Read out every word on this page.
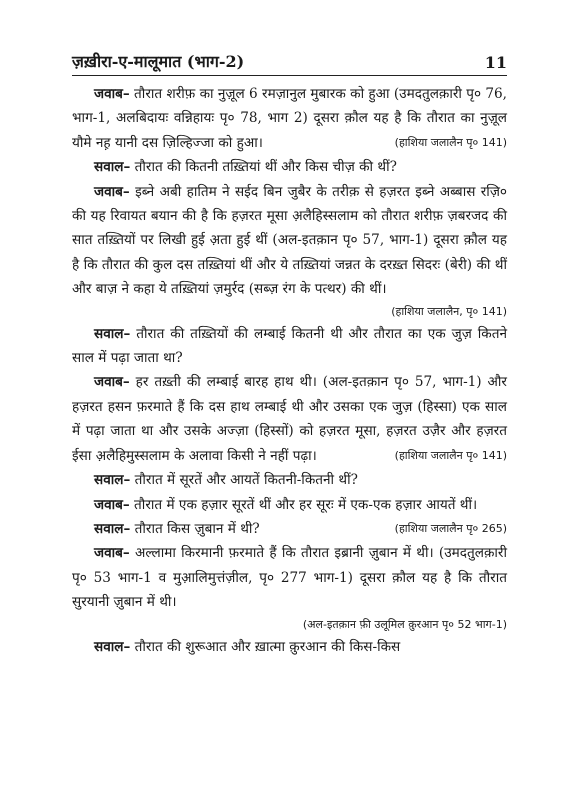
ज़ख़ीरा-ए-मालूमात (भाग-2)	11

जवाब– तौरात शरीफ़ का नुज़ूल 6 रमज़ानुल मुबारक को हुआ (उमदतुलक़ारी पृ० 76, भाग-1, अलबिदायः वन्निहायः पृ० 78, भाग 2) दूसरा क़ौल यह है कि तौरात का नुज़ूल यौमे नह़ यानी दस ज़िल्हिज्जा को हुआ।	(हाशिया जलालैन पृ० 141)

सवाल– तौरात की कितनी तख़्तियां थीं और किस चीज़ की थीं?

जवाब– इब्ने अबी हातिम ने सईद बिन जुबैर के तरीक़ से हज़रत इब्ने अब्बास रज़ि० की यह रिवायत बयान की है कि हज़रत मूसा अ़लैहिस्सलाम को तौरात शरीफ़ ज़बरजद की सात तख़्तियों पर लिखी हुई अ़ता हुई थीं (अल-इतक़ान पृ० 57, भाग-1) दूसरा क़ौल यह है कि तौरात की कुल दस तख़्तियां थीं और ये तख़्तियां जन्नत के दरख़्त सिदरः (बेरी) की थीं और बाज़ ने कहा ये तख़्तियां ज़मुर्रद (सब्ज़ रंग के पत्थर) की थीं।

(हाशिया जलालैन, पृ० 141)

सवाल– तौरात की तख़्तियों की लम्बाई कितनी थी और तौरात का एक जुज़ कितने साल में पढ़ा जाता था?

जवाब– हर तख़्ती की लम्बाई बारह हाथ थी। (अल-इतक़ान पृ० 57, भाग-1) और हज़रत हसन फ़रमाते हैं कि दस हाथ लम्बाई थी और उसका एक जुज़ (हिस्सा) एक साल में पढ़ा जाता था और उसके अज्ज़ा (हिस्सों) को हज़रत मूसा, हज़रत उज़ैर और हज़रत ईसा अ़लैहिमुस्सलाम के अलावा किसी ने नहीं पढ़ा।	(हाशिया जलालैन पृ० 141)

सवाल– तौरात में सूरतें और आयतें कितनी-कितनी थीं?

जवाब– तौरात में एक हज़ार सूरतें थीं और हर सूरः में एक-एक हज़ार आयतें थीं।
(हाशिया जलालैन पृ० 265)

सवाल– तौरात किस ज़ुबान में थी?

जवाब– अल्लामा किरमानी फ़रमाते हैं कि तौरात इब्रानी ज़ुबान में थी। (उमदतुलक़ारी पृ० 53 भाग-1 व मुआ़लिमुत्तंज़ील, पृ० 277 भाग-1) दूसरा क़ौल यह है कि तौरात सुरयानी ज़ुबान में थी।

(अल-इतक़ान फ़ी उलूमिल क़ुरआन पृ० 52 भाग-1)

सवाल– तौरात की शुरूआत और ख़ात्मा क़ुरआन की किस-किस
